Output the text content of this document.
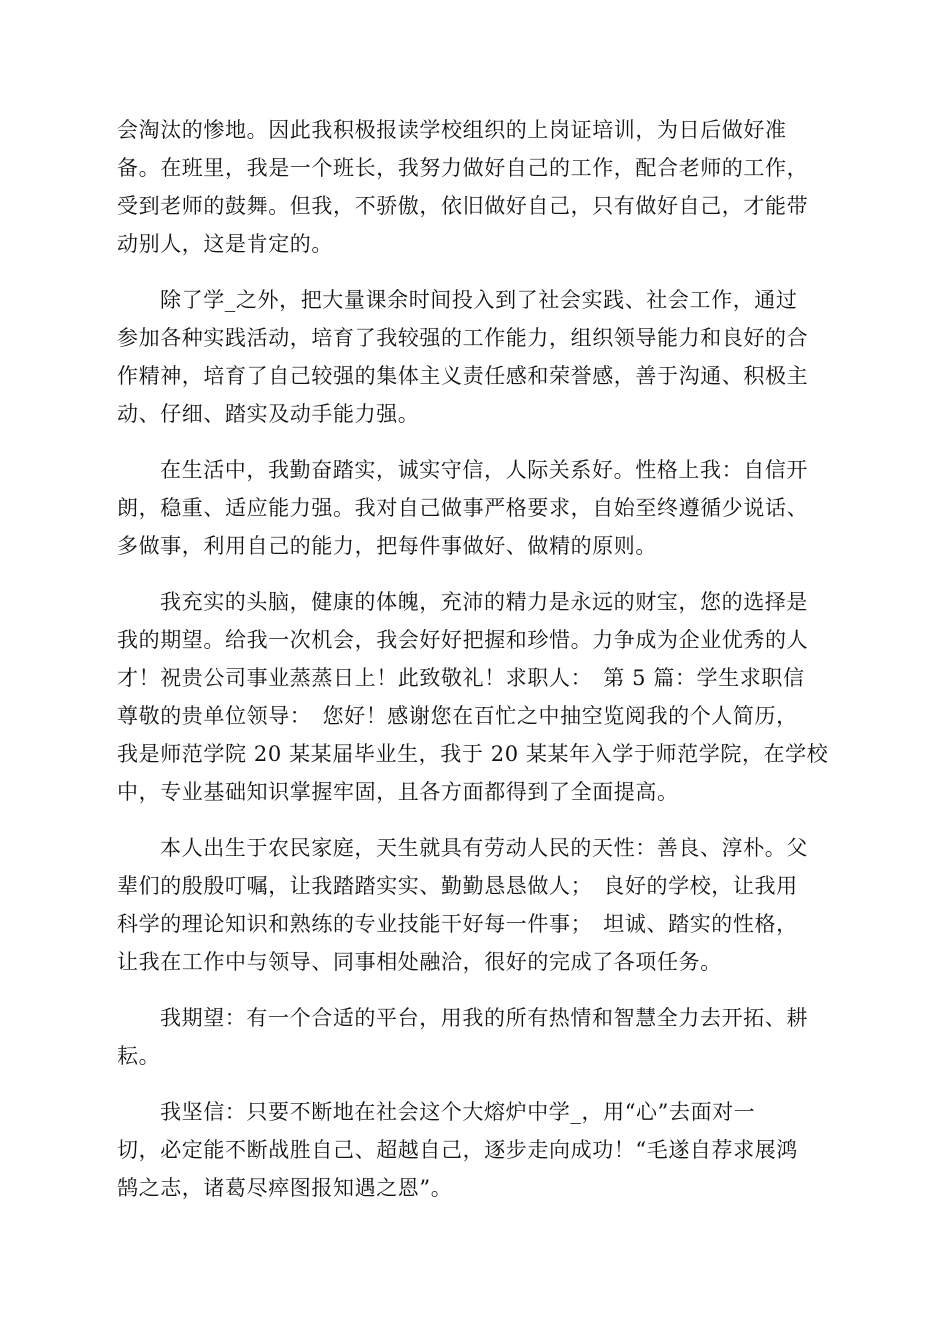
会淘汰的惨地。因此我积极报读学校组织的上岗证培训，为日后做好准
备。在班里，我是一个班长，我努力做好自己的工作，配合老师的工作，
受到老师的鼓舞。但我，不骄傲，依旧做好自己，只有做好自己，才能带
动别人，这是肯定的。
除了学_之外，把大量课余时间投入到了社会实践、社会工作，通过
参加各种实践活动，培育了我较强的工作能力，组织领导能力和良好的合
作精神，培育了自己较强的集体主义责任感和荣誉感，善于沟通、积极主
动、仔细、踏实及动手能力强。
在生活中，我勤奋踏实，诚实守信，人际关系好。性格上我：自信开
朗，稳重、适应能力强。我对自己做事严格要求，自始至终遵循少说话、
多做事，利用自己的能力，把每件事做好、做精的原则。
我充实的头脑，健康的体魄，充沛的精力是永远的财宝，您的选择是
我的期望。给我一次机会，我会好好把握和珍惜。力争成为企业优秀的人
才！祝贵公司事业蒸蒸日上！此致敬礼！求职人：　第 5 篇：学生求职信
尊敬的贵单位领导：　您好！感谢您在百忙之中抽空览阅我的个人简历，
我是师范学院 20 某某届毕业生，我于 20 某某年入学于师范学院，在学校
中，专业基础知识掌握牢固，且各方面都得到了全面提高。
本人出生于农民家庭，天生就具有劳动人民的天性：善良、淳朴。父
辈们的殷殷叮嘱，让我踏踏实实、勤勤恳恳做人；　良好的学校，让我用
科学的理论知识和熟练的专业技能干好每一件事；　坦诚、踏实的性格，
让我在工作中与领导、同事相处融洽，很好的完成了各项任务。
我期望：有一个合适的平台，用我的所有热情和智慧全力去开拓、耕
耘。
我坚信：只要不断地在社会这个大熔炉中学_，用“心”去面对一
切，必定能不断战胜自己、超越自己，逐步走向成功！“毛遂自荐求展鸿
鹄之志，诸葛尽瘁图报知遇之恩”。
